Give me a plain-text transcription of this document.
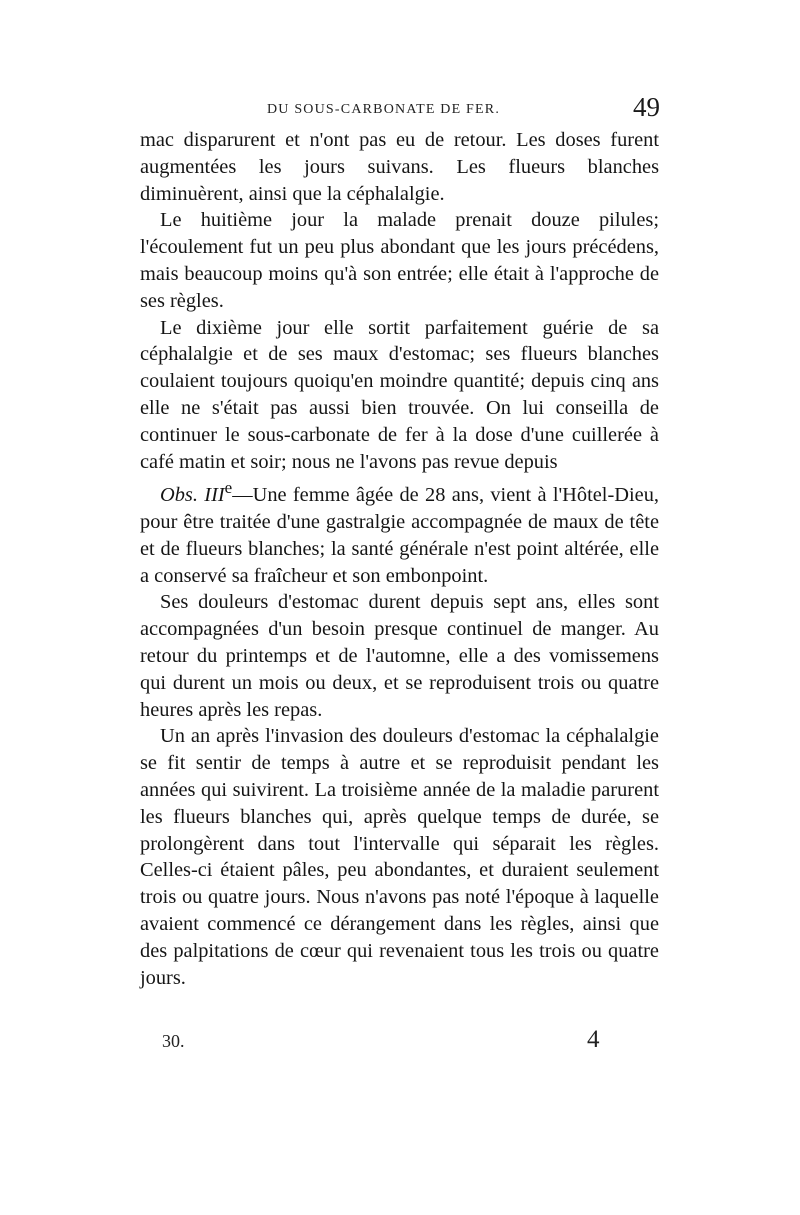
DU SOUS-CARBONATE DE FER.	49

mac disparurent et n'ont pas eu de retour. Les doses furent augmentées les jours suivans. Les flueurs blanches diminuèrent, ainsi que la céphalalgie.

Le huitième jour la malade prenait douze pilules; l'écoulement fut un peu plus abondant que les jours précédens, mais beaucoup moins qu'à son entrée; elle était à l'approche de ses règles.

Le dixième jour elle sortit parfaitement guérie de sa céphalalgie et de ses maux d'estomac; ses flueurs blanches coulaient toujours quoiqu'en moindre quantité; depuis cinq ans elle ne s'était pas aussi bien trouvée. On lui conseilla de continuer le sous-carbonate de fer à la dose d'une cuillerée à café matin et soir; nous ne l'avons pas revue depuis

Obs. IIIe—Une femme âgée de 28 ans, vient à l'Hôtel-Dieu, pour être traitée d'une gastralgie accompagnée de maux de tête et de flueurs blanches; la santé générale n'est point altérée, elle a conservé sa fraîcheur et son embonpoint.

Ses douleurs d'estomac durent depuis sept ans, elles sont accompagnées d'un besoin presque continuel de manger. Au retour du printemps et de l'automne, elle a des vomissemens qui durent un mois ou deux, et se reproduisent trois ou quatre heures après les repas.

Un an après l'invasion des douleurs d'estomac la céphalalgie se fit sentir de temps à autre et se reproduisit pendant les années qui suivirent. La troisième année de la maladie parurent les flueurs blanches qui, après quelque temps de durée, se prolongèrent dans tout l'intervalle qui séparait les règles. Celles-ci étaient pâles, peu abondantes, et duraient seulement trois ou quatre jours. Nous n'avons pas noté l'époque à laquelle avaient commencé ce dérangement dans les règles, ainsi que des palpitations de cœur qui revenaient tous les trois ou quatre jours.

30.	4
